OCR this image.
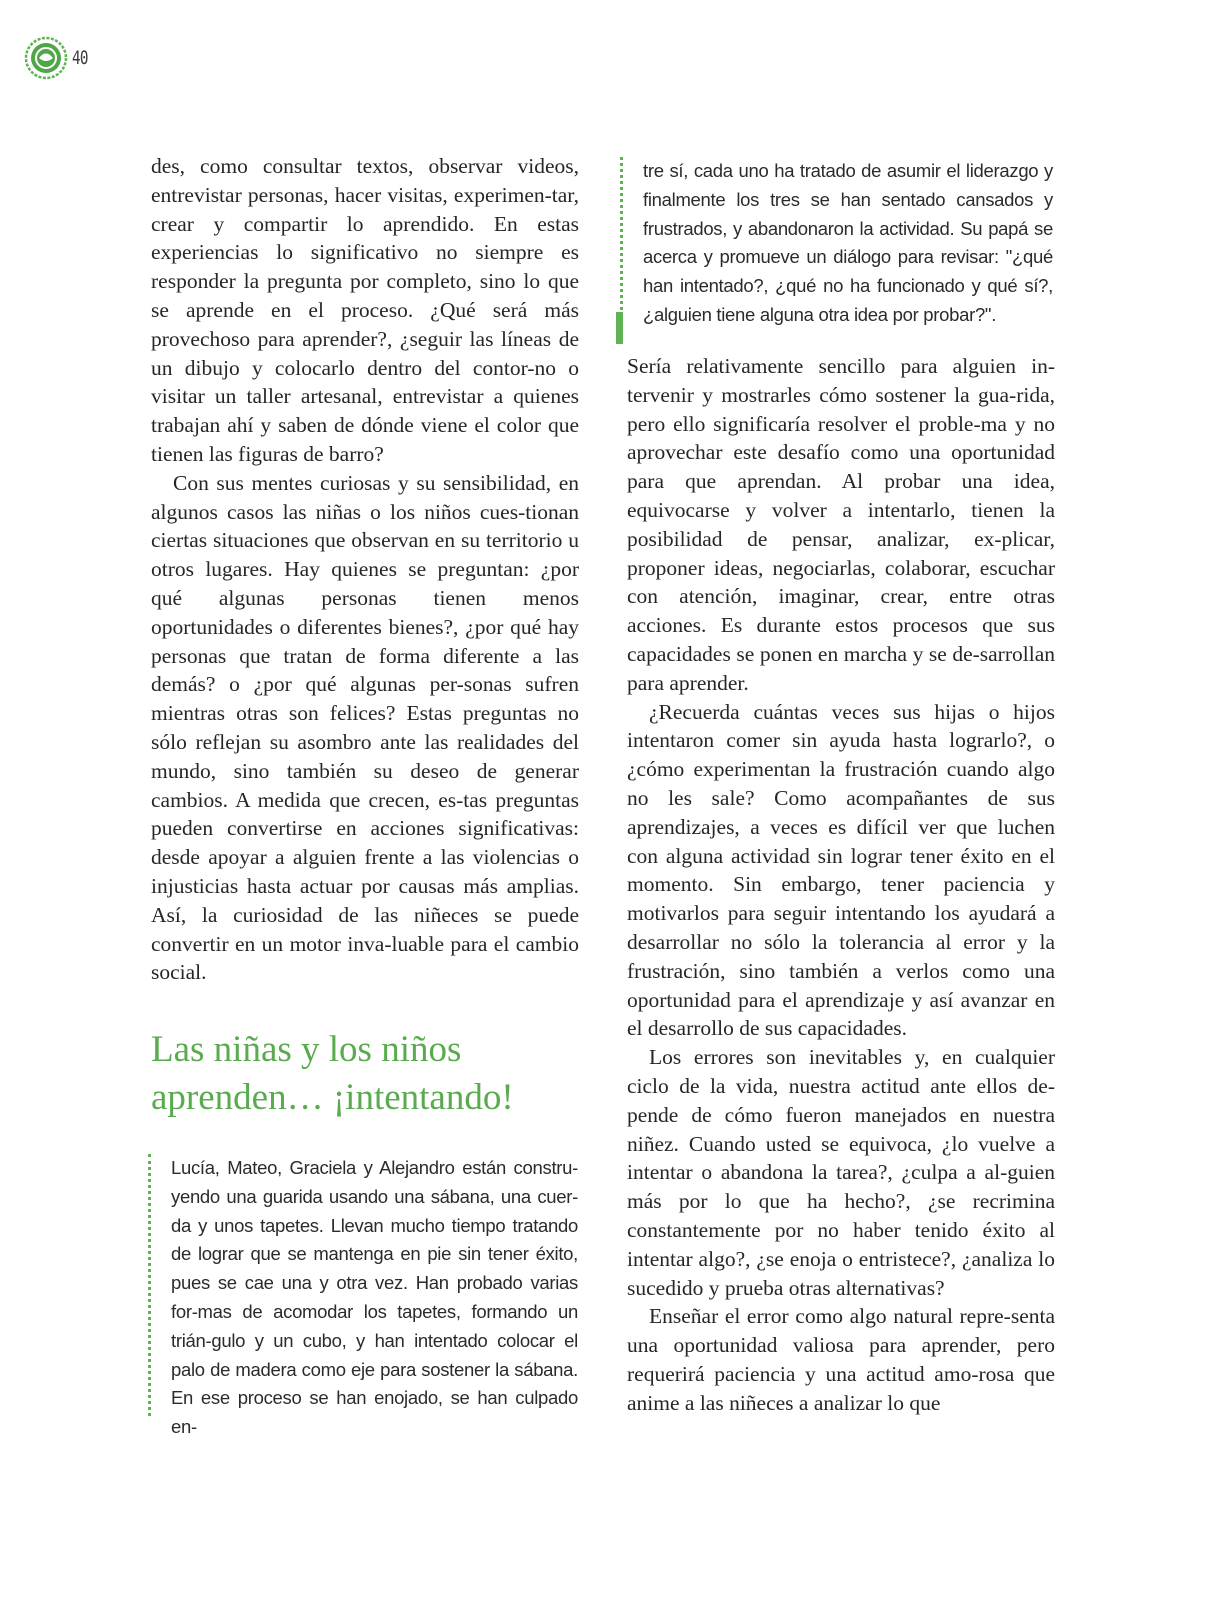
40

des, como consultar textos, observar videos, entrevistar personas, hacer visitas, experimen-tar, crear y compartir lo aprendido. En estas experiencias lo significativo no siempre es responder la pregunta por completo, sino lo que se aprende en el proceso. ¿Qué será más provechoso para aprender?, ¿seguir las líneas de un dibujo y colocarlo dentro del contor-no o visitar un taller artesanal, entrevistar a quienes trabajan ahí y saben de dónde viene el color que tienen las figuras de barro?

Con sus mentes curiosas y su sensibilidad, en algunos casos las niñas o los niños cues-tionan ciertas situaciones que observan en su territorio u otros lugares. Hay quienes se preguntan: ¿por qué algunas personas tienen menos oportunidades o diferentes bienes?, ¿por qué hay personas que tratan de forma diferente a las demás? o ¿por qué algunas per-sonas sufren mientras otras son felices? Estas preguntas no sólo reflejan su asombro ante las realidades del mundo, sino también su deseo de generar cambios. A medida que crecen, es-tas preguntas pueden convertirse en acciones significativas: desde apoyar a alguien frente a las violencias o injusticias hasta actuar por causas más amplias. Así, la curiosidad de las niñeces se puede convertir en un motor inva-luable para el cambio social.

Las niñas y los niños aprenden… ¡intentando!

Lucía, Mateo, Graciela y Alejandro están constru-yendo una guarida usando una sábana, una cuer-da y unos tapetes. Llevan mucho tiempo tratando de lograr que se mantenga en pie sin tener éxito, pues se cae una y otra vez. Han probado varias for-mas de acomodar los tapetes, formando un trián-gulo y un cubo, y han intentado colocar el palo de madera como eje para sostener la sábana. En ese proceso se han enojado, se han culpado en-

tre sí, cada uno ha tratado de asumir el liderazgo y finalmente los tres se han sentado cansados y frustrados, y abandonaron la actividad. Su papá se acerca y promueve un diálogo para revisar: "¿qué han intentado?, ¿qué no ha funcionado y qué sí?, ¿alguien tiene alguna otra idea por probar?".

Sería relativamente sencillo para alguien in-tervenir y mostrarles cómo sostener la gua-rida, pero ello significaría resolver el proble-ma y no aprovechar este desafío como una oportunidad para que aprendan. Al probar una idea, equivocarse y volver a intentarlo, tienen la posibilidad de pensar, analizar, ex-plicar, proponer ideas, negociarlas, colaborar, escuchar con atención, imaginar, crear, entre otras acciones. Es durante estos procesos que sus capacidades se ponen en marcha y se de-sarrollan para aprender.

¿Recuerda cuántas veces sus hijas o hijos intentaron comer sin ayuda hasta lograrlo?, o ¿cómo experimentan la frustración cuando algo no les sale? Como acompañantes de sus aprendizajes, a veces es difícil ver que luchen con alguna actividad sin lograr tener éxito en el momento. Sin embargo, tener paciencia y motivarlos para seguir intentando los ayudará a desarrollar no sólo la tolerancia al error y la frustración, sino también a verlos como una oportunidad para el aprendizaje y así avanzar en el desarrollo de sus capacidades.

Los errores son inevitables y, en cualquier ciclo de la vida, nuestra actitud ante ellos de-pende de cómo fueron manejados en nuestra niñez. Cuando usted se equivoca, ¿lo vuelve a intentar o abandona la tarea?, ¿culpa a al-guien más por lo que ha hecho?, ¿se recrimina constantemente por no haber tenido éxito al intentar algo?, ¿se enoja o entristece?, ¿analiza lo sucedido y prueba otras alternativas?

Enseñar el error como algo natural repre-senta una oportunidad valiosa para aprender, pero requerirá paciencia y una actitud amo-rosa que anime a las niñeces a analizar lo que
